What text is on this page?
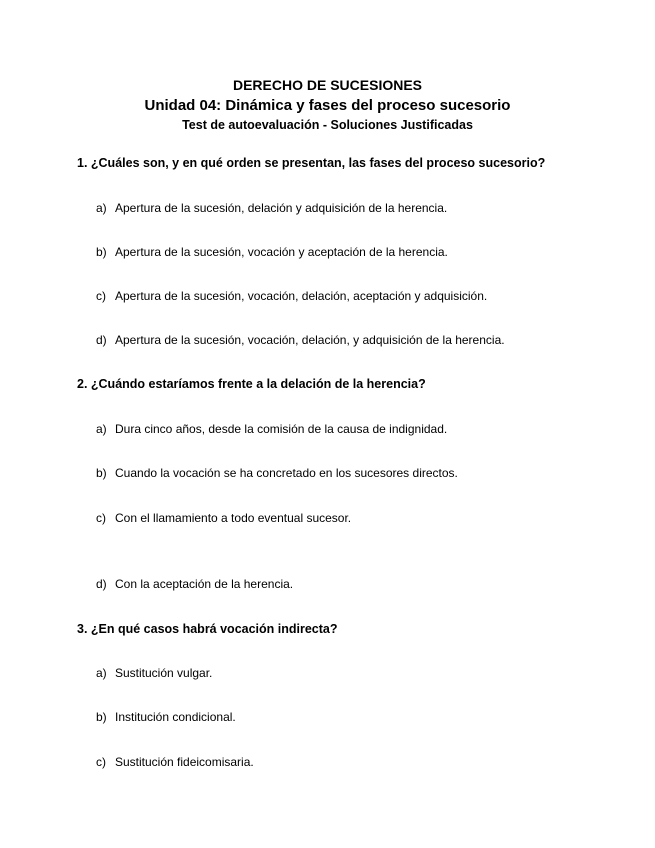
DERECHO DE SUCESIONES
Unidad 04: Dinámica y fases del proceso sucesorio
Test de autoevaluación - Soluciones Justificadas
1. ¿Cuáles son, y en qué orden se presentan, las fases del proceso sucesorio?
a) Apertura de la sucesión, delación y adquisición de la herencia.
b) Apertura de la sucesión, vocación y aceptación de la herencia.
c) Apertura de la sucesión, vocación, delación, aceptación y adquisición.
d) Apertura de la sucesión, vocación, delación, y adquisición de la herencia.
2. ¿Cuándo estaríamos frente a la delación de la herencia?
a) Dura cinco años, desde la comisión de la causa de indignidad.
b) Cuando la vocación se ha concretado en los sucesores directos.
c) Con el llamamiento a todo eventual sucesor.
d) Con la aceptación de la herencia.
3. ¿En qué casos habrá vocación indirecta?
a) Sustitución vulgar.
b) Institución condicional.
c) Sustitución fideicomisaria.
